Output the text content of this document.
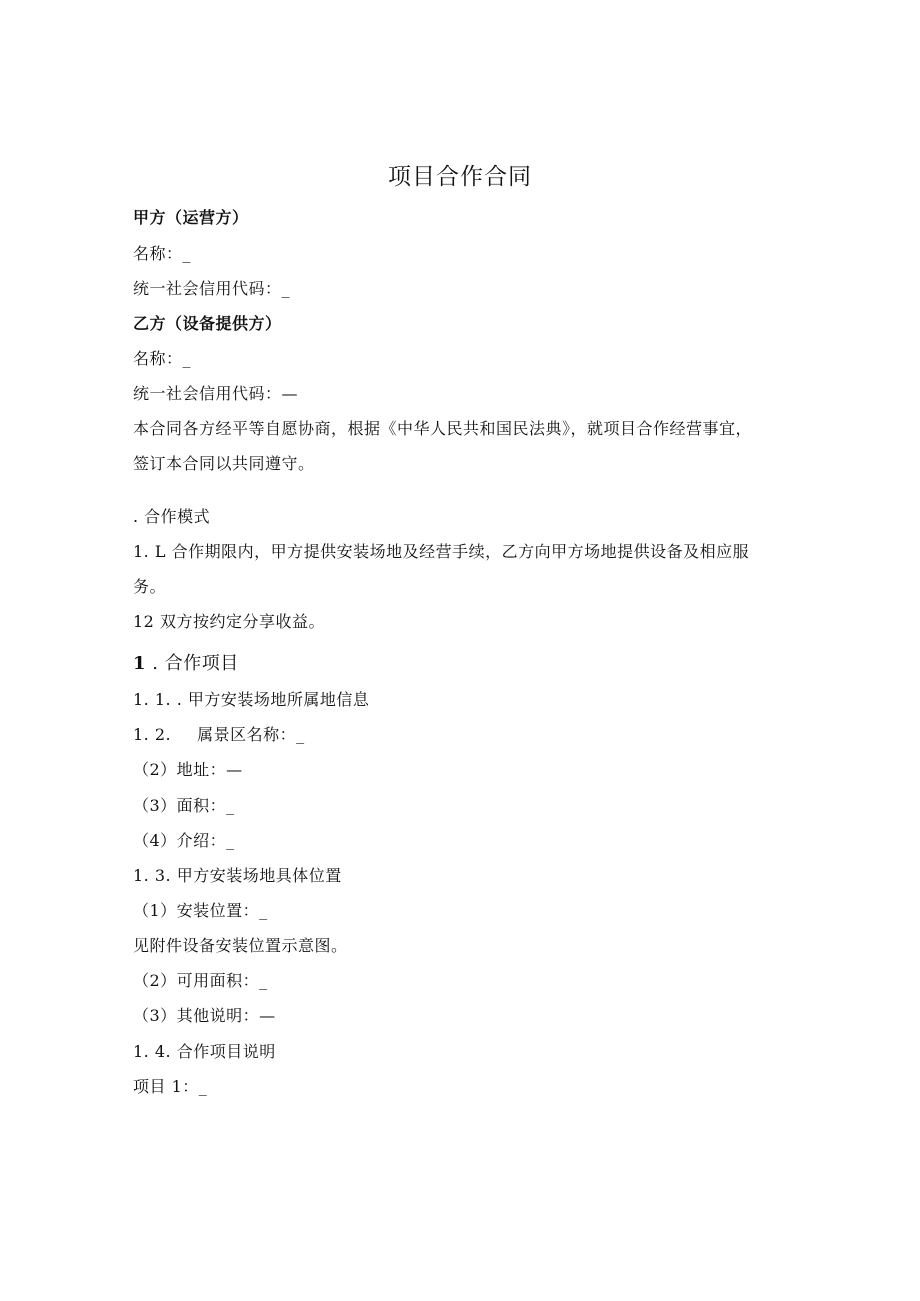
项目合作合同
甲方（运营方）
名称：_
统一社会信用代码：_
乙方（设备提供方）
名称：_
统一社会信用代码：—
本合同各方经平等自愿协商，根据《中华人民共和国民法典》，就项目合作经营事宜，
签订本合同以共同遵守。
. 合作模式
1. L 合作期限内，甲方提供安装场地及经营手续，乙方向甲方场地提供设备及相应服
务。
12 双方按约定分享收益。
1 . 合作项目
1. 1. . 甲方安装场地所属地信息
1. 2. 属景区名称：_
（2）地址：—
（3）面积：_
（4）介绍：_
1. 3. 甲方安装场地具体位置
（1）安装位置：_
见附件设备安装位置示意图。
（2）可用面积：_
（3）其他说明：—
1. 4. 合作项目说明
项目 1：_
